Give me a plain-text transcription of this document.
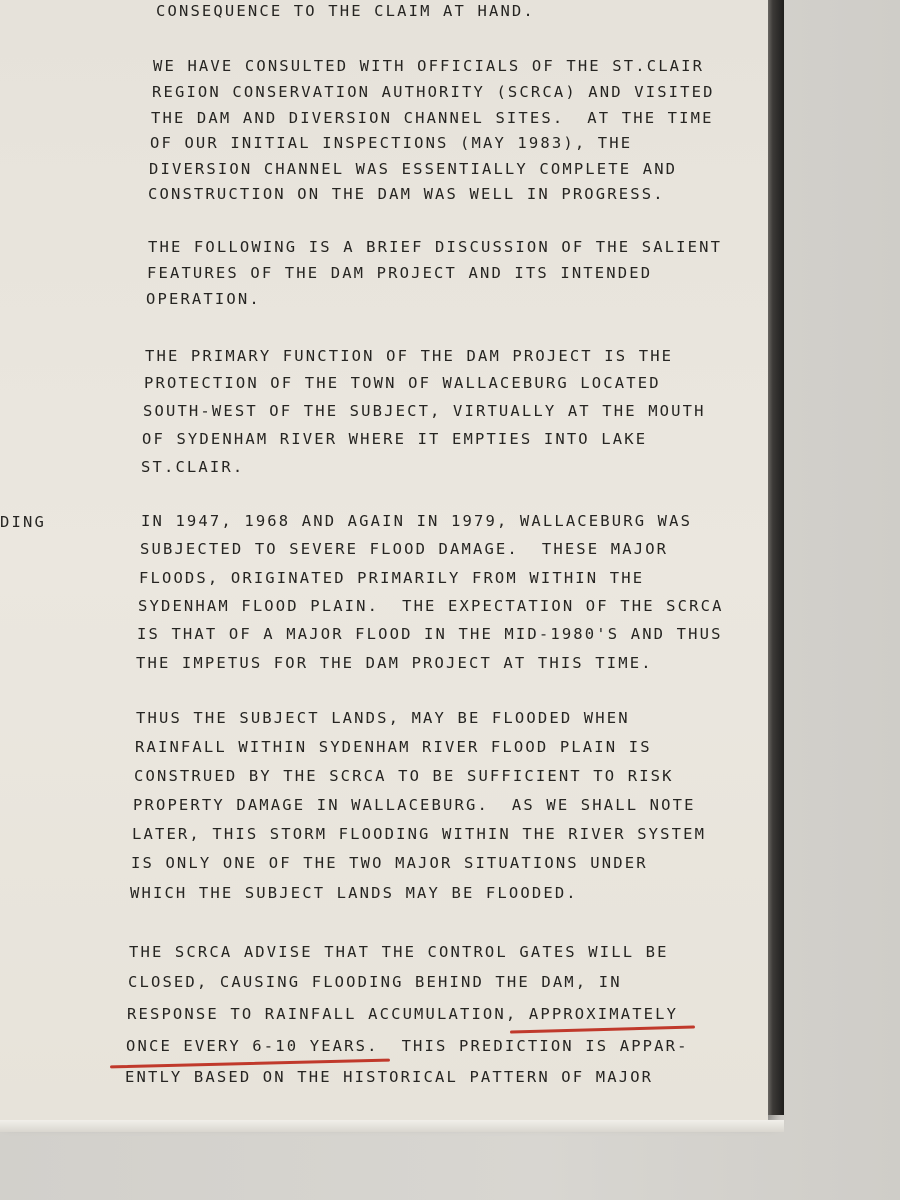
DING
CONSEQUENCE TO THE CLAIM AT HAND.
WE HAVE CONSULTED WITH OFFICIALS OF THE ST.CLAIR
REGION CONSERVATION AUTHORITY (SCRCA) AND VISITED
THE DAM AND DIVERSION CHANNEL SITES.  AT THE TIME
OF OUR INITIAL INSPECTIONS (MAY 1983), THE
DIVERSION CHANNEL WAS ESSENTIALLY COMPLETE AND
CONSTRUCTION ON THE DAM WAS WELL IN PROGRESS.
THE FOLLOWING IS A BRIEF DISCUSSION OF THE SALIENT
FEATURES OF THE DAM PROJECT AND ITS INTENDED
OPERATION.
THE PRIMARY FUNCTION OF THE DAM PROJECT IS THE
PROTECTION OF THE TOWN OF WALLACEBURG LOCATED
SOUTH-WEST OF THE SUBJECT, VIRTUALLY AT THE MOUTH
OF SYDENHAM RIVER WHERE IT EMPTIES INTO LAKE
ST.CLAIR.
IN 1947, 1968 AND AGAIN IN 1979, WALLACEBURG WAS
SUBJECTED TO SEVERE FLOOD DAMAGE.  THESE MAJOR
FLOODS, ORIGINATED PRIMARILY FROM WITHIN THE
SYDENHAM FLOOD PLAIN.  THE EXPECTATION OF THE SCRCA
IS THAT OF A MAJOR FLOOD IN THE MID-1980'S AND THUS
THE IMPETUS FOR THE DAM PROJECT AT THIS TIME.
THUS THE SUBJECT LANDS, MAY BE FLOODED WHEN
RAINFALL WITHIN SYDENHAM RIVER FLOOD PLAIN IS
CONSTRUED BY THE SCRCA TO BE SUFFICIENT TO RISK
PROPERTY DAMAGE IN WALLACEBURG.  AS WE SHALL NOTE
LATER, THIS STORM FLOODING WITHIN THE RIVER SYSTEM
IS ONLY ONE OF THE TWO MAJOR SITUATIONS UNDER
WHICH THE SUBJECT LANDS MAY BE FLOODED.
THE SCRCA ADVISE THAT THE CONTROL GATES WILL BE
CLOSED, CAUSING FLOODING BEHIND THE DAM, IN
RESPONSE TO RAINFALL ACCUMULATION, APPROXIMATELY
ONCE EVERY 6-10 YEARS.  THIS PREDICTION IS APPAR-
ENTLY BASED ON THE HISTORICAL PATTERN OF MAJOR
